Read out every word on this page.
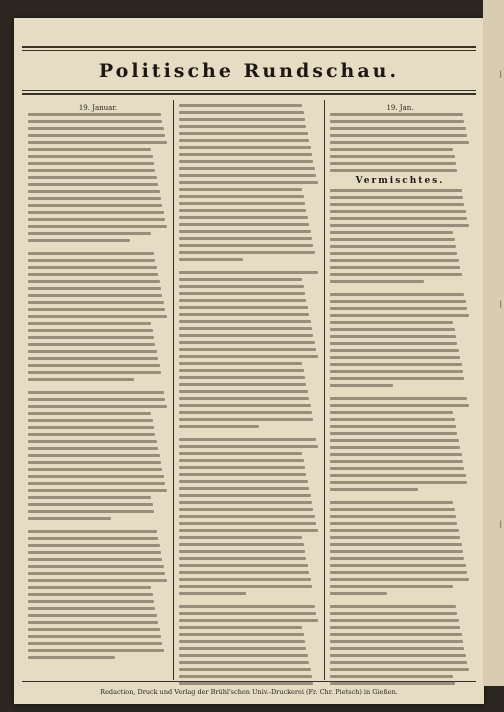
Politische Rundschau.
19. Januar.	19. Jan.
Vermischtes.
Redaction, Druck und Verlag der Brühl'schen Univ.-Druckerei (Fr. Chr. Pietsch) in Gießen.
|
|
|
